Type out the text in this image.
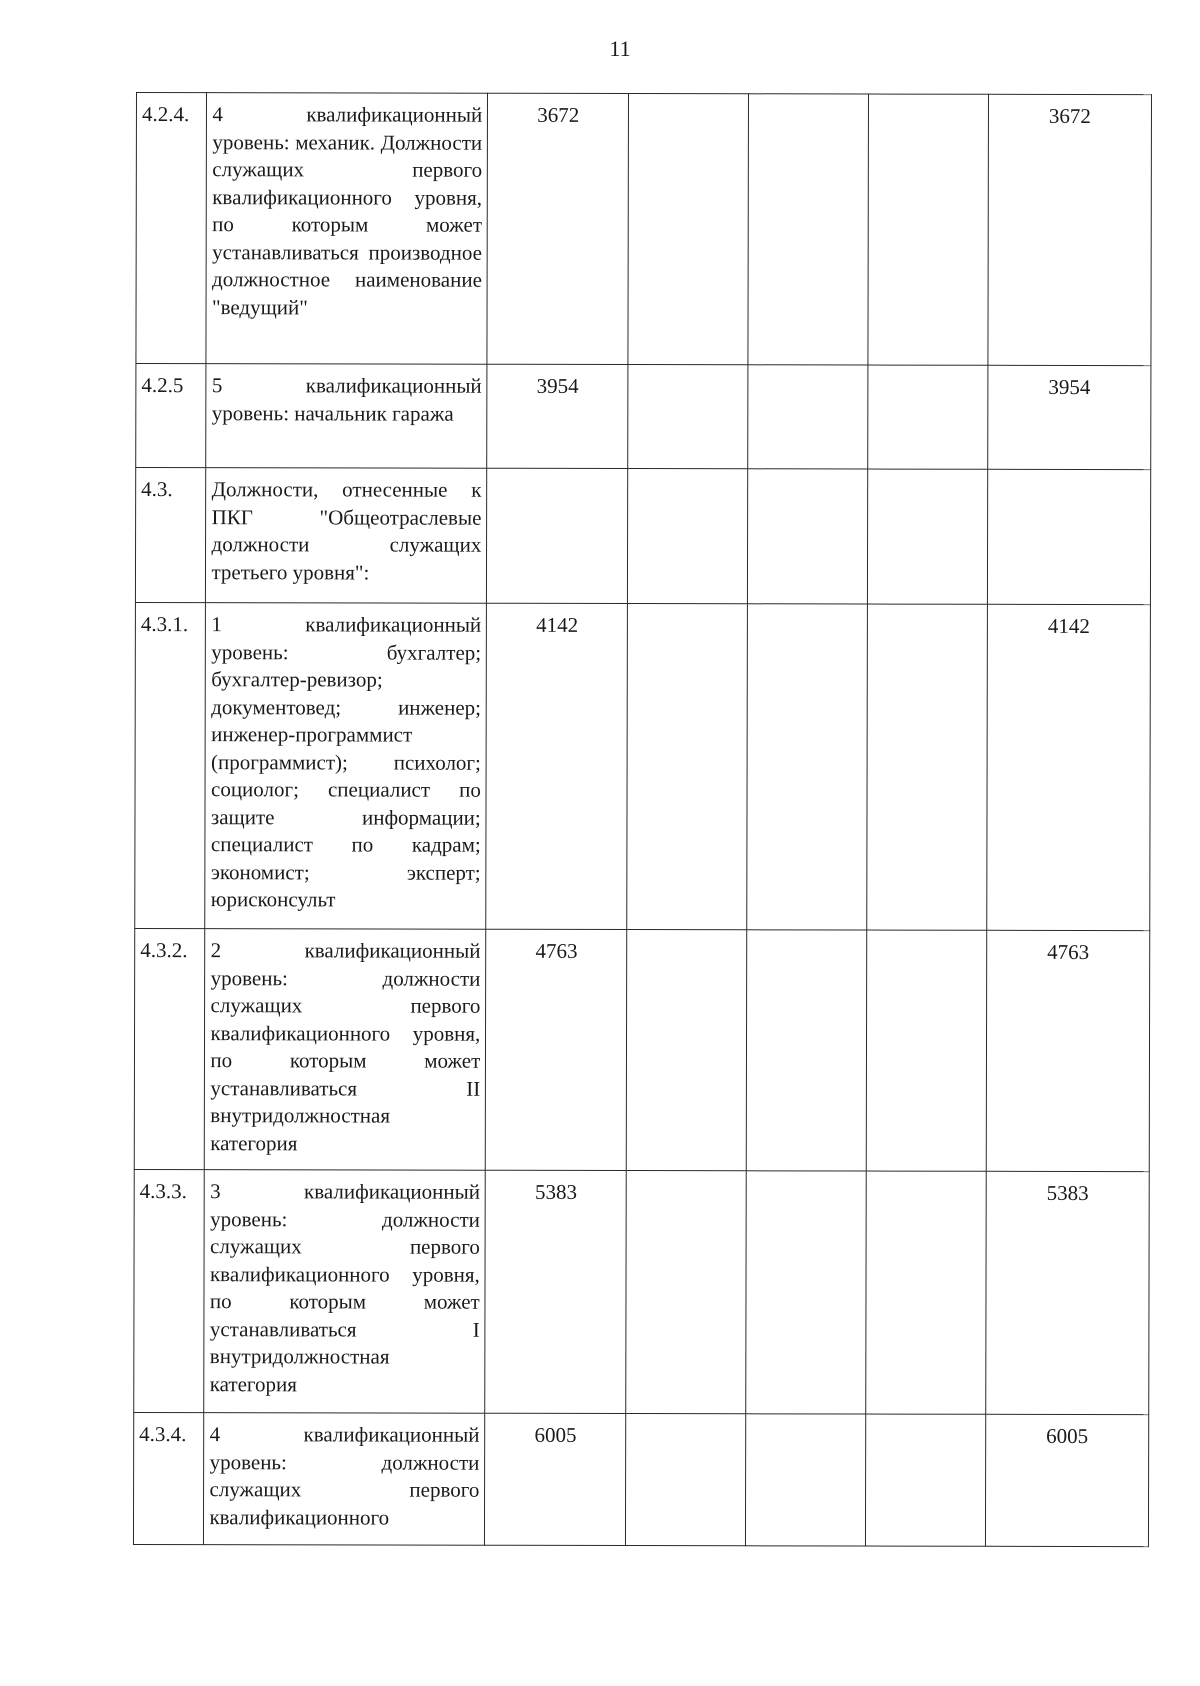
11
4.2.4.	4 квалификационный уровень: механик. Должности служащих первого квалификационного уровня, по которым может устанавливаться производное должностное наименование "ведущий"	3672				3672
4.2.5	5 квалификационный уровень: начальник гаража	3954				3954
4.3.	Должности, отнесенные к ПКГ "Общеотраслевые должности служащих третьего уровня":					
4.3.1.	1 квалификационный уровень: бухгалтер; бухгалтер-ревизор; документовед; инженер; инженер-программист (программист); психолог; социолог; специалист по защите информации; специалист по кадрам; экономист; эксперт; юрисконсульт	4142				4142
4.3.2.	2 квалификационный уровень: должности служащих первого квалификационного уровня, по которым может устанавливаться II внутридолжностная категория	4763				4763
4.3.3.	3 квалификационный уровень: должности служащих первого квалификационного уровня, по которым может устанавливаться I внутридолжностная категория	5383				5383
4.3.4.	4 квалификационный уровень: должности служащих первого квалификационного	6005				6005
